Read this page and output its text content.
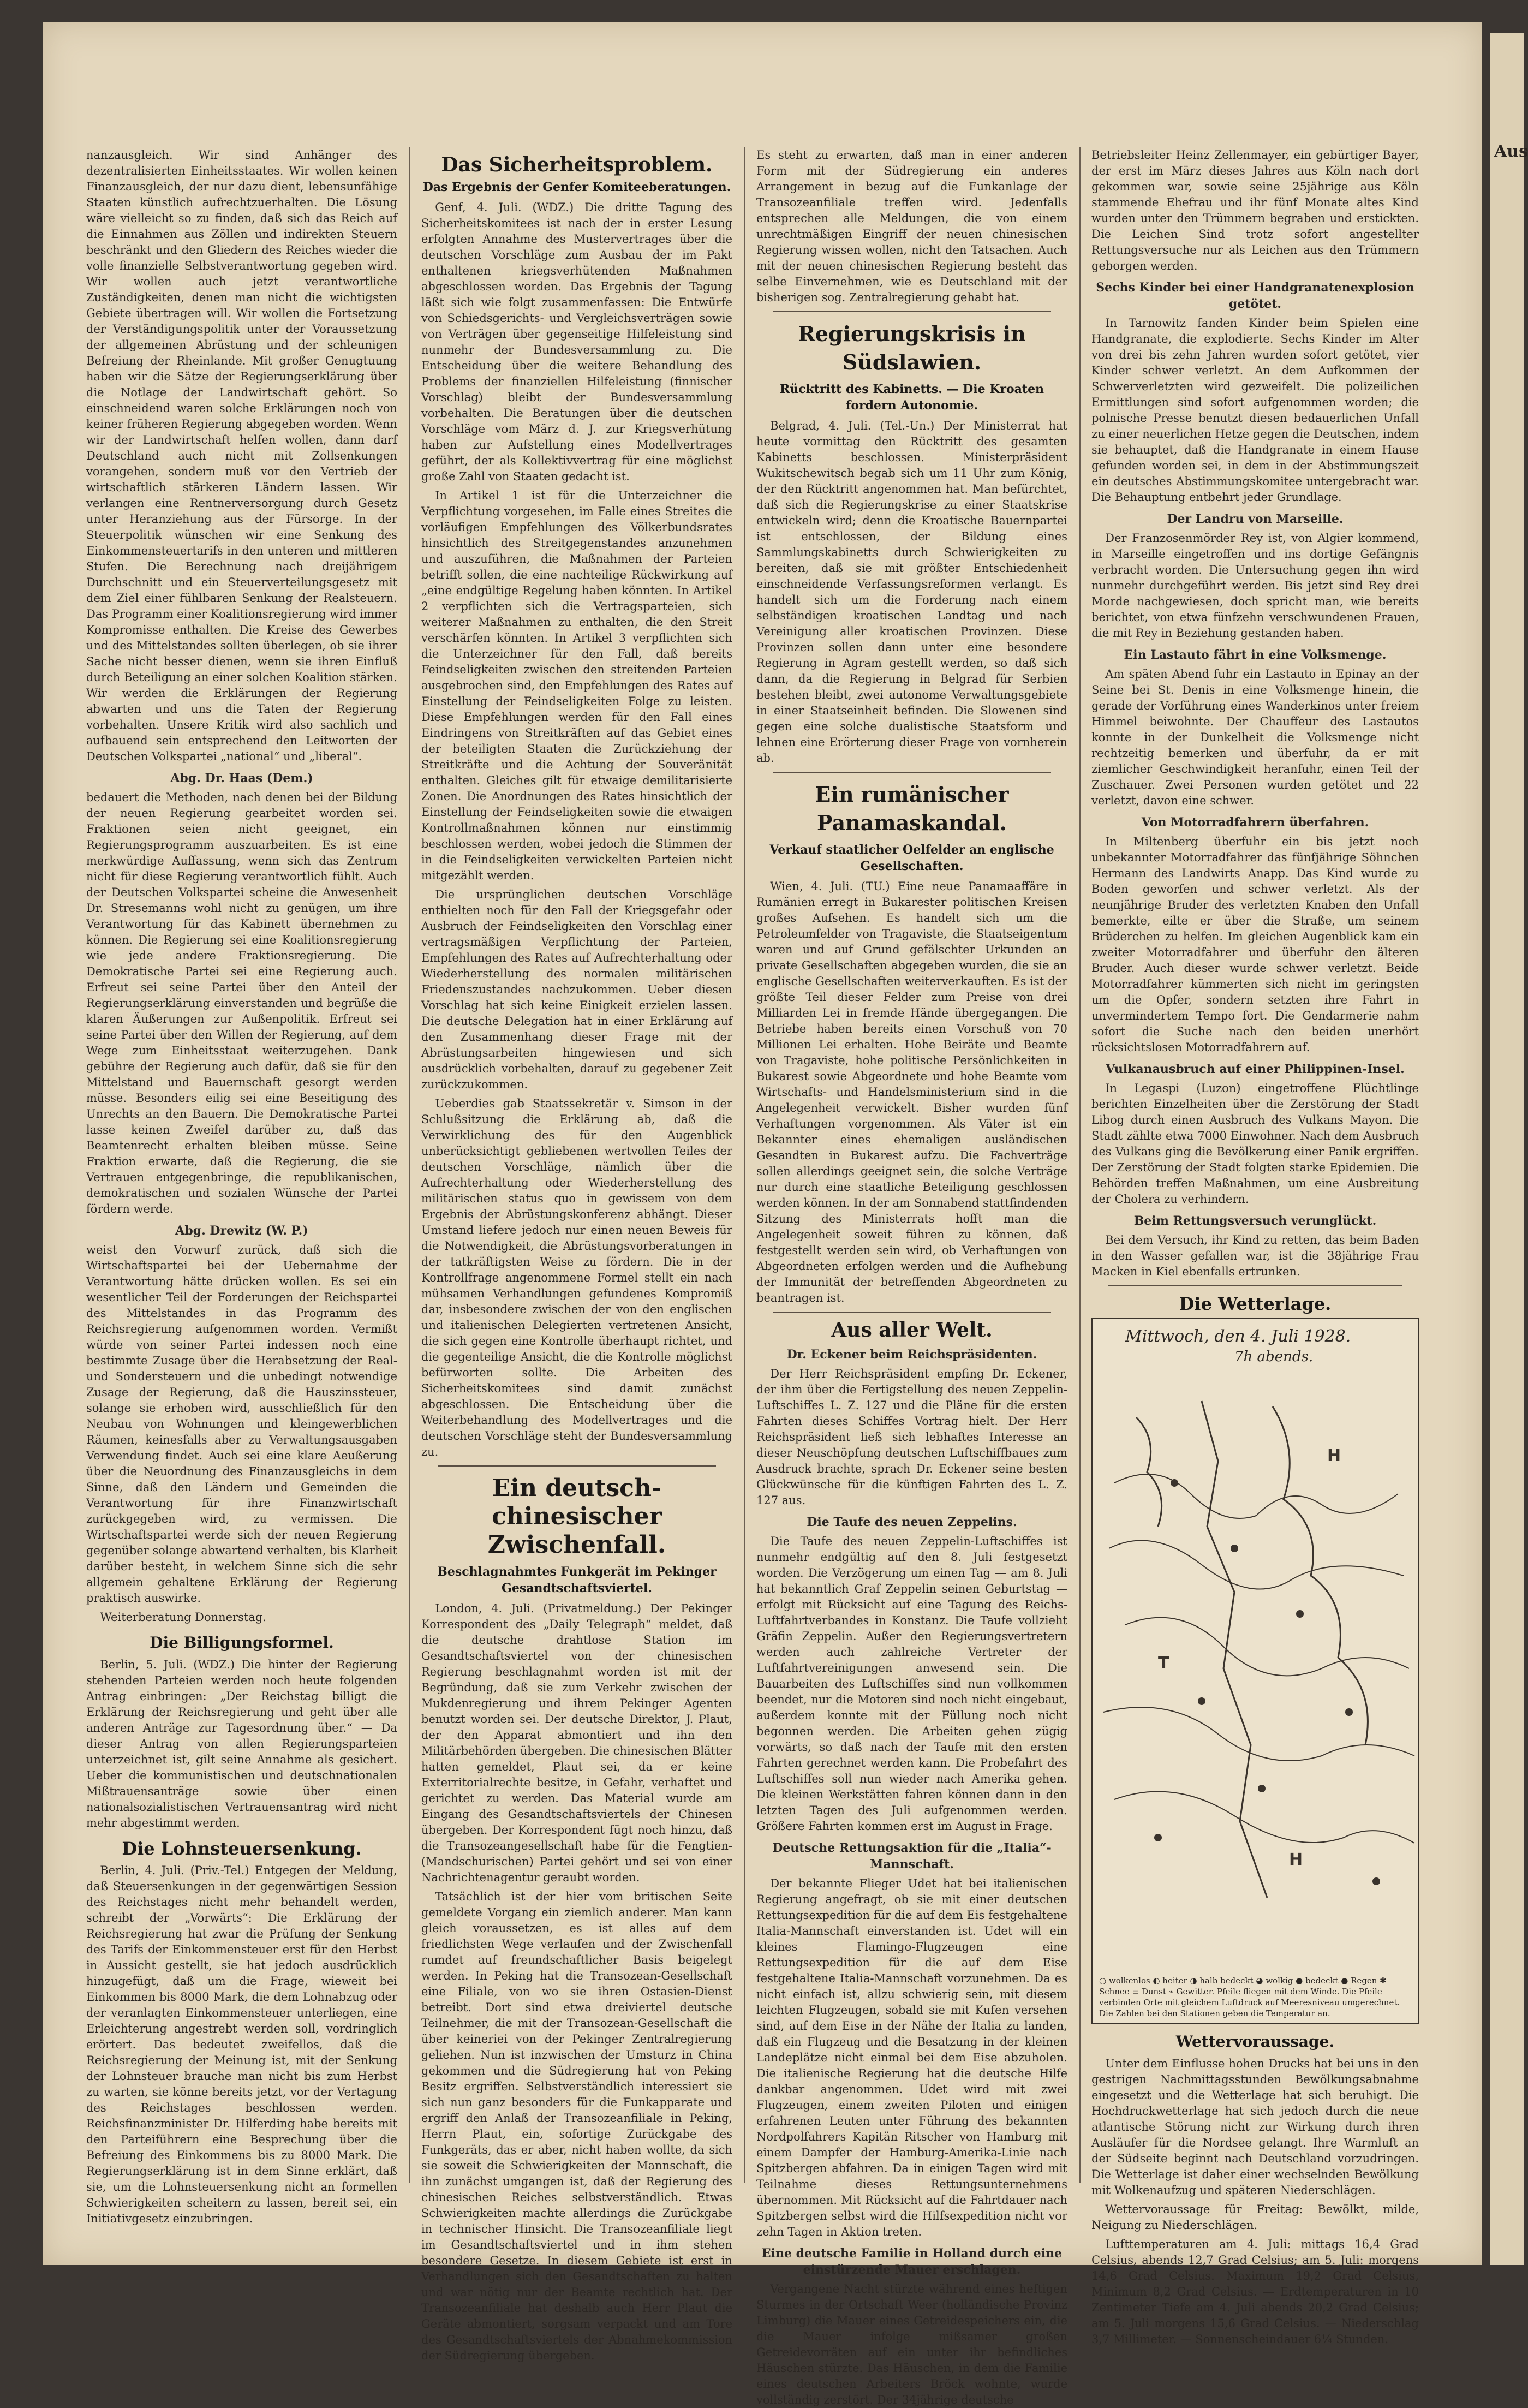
nanzausgleich. Wir sind Anhänger des dezentralisierten Einheitsstaates. Wir wollen keinen Finanzausgleich, der nur dazu dient, lebensunfähige Staaten künstlich aufrechtzuerhalten. Die Lösung wäre vielleicht so zu finden, daß sich das Reich auf die Einnahmen aus Zöllen und indirekten Steuern beschränkt und den Gliedern des Reiches wieder die volle finanzielle Selbstverantwortung gegeben wird. Wir wollen auch jetzt verantwortliche Zuständigkeiten, denen man nicht die wichtigsten Gebiete übertragen will. Wir wollen die Fortsetzung der Verständigungspolitik unter der Voraussetzung der allgemeinen Abrüstung und der schleunigen Befreiung der Rheinlande. Mit großer Genugtuung haben wir die Sätze der Regierungserklärung über die Notlage der Landwirtschaft gehört. So einschneidend waren solche Erklärungen noch von keiner früheren Regierung abgegeben worden. Wenn wir der Landwirtschaft helfen wollen, dann darf Deutschland auch nicht mit Zollsenkungen vorangehen, sondern muß vor den Vertrieb der wirtschaftlich stärkeren Ländern lassen. Wir verlangen eine Rentnerversorgung durch Gesetz unter Heranziehung aus der Fürsorge. In der Steuerpolitik wünschen wir eine Senkung des Einkommensteuertarifs in den unteren und mittleren Stufen. Die Berechnung nach dreijährigem Durchschnitt und ein Steuerverteilungsgesetz mit dem Ziel einer fühlbaren Senkung der Realsteuern. Das Programm einer Koalitionsregierung wird immer Kompromisse enthalten. Die Kreise des Gewerbes und des Mittelstandes sollten überlegen, ob sie ihrer Sache nicht besser dienen, wenn sie ihren Einfluß durch Beteiligung an einer solchen Koalition stärken. Wir werden die Erklärungen der Regierung abwarten und uns die Taten der Regierung vorbehalten. Unsere Kritik wird also sachlich und aufbauend sein entsprechend den Leitworten der Deutschen Volkspartei „national“ und „liberal“.

Abg. Dr. Haas (Dem.)

bedauert die Methoden, nach denen bei der Bildung der neuen Regierung gearbeitet worden sei. Fraktionen seien nicht geeignet, ein Regierungsprogramm auszuarbeiten. Es ist eine merkwürdige Auffassung, wenn sich das Zentrum nicht für diese Regierung verantwortlich fühlt. Auch der Deutschen Volkspartei scheine die Anwesenheit Dr. Stresemanns wohl nicht zu genügen, um ihre Verantwortung für das Kabinett übernehmen zu können. Die Regierung sei eine Koalitionsregierung wie jede andere Fraktionsregierung. Die Demokratische Partei sei eine Regierung auch. Erfreut sei seine Partei über den Anteil der Regierungserklärung einverstanden und begrüße die klaren Äußerungen zur Außenpolitik. Erfreut sei seine Partei über den Willen der Regierung, auf dem Wege zum Einheitsstaat weiterzugehen. Dank gebühre der Regierung auch dafür, daß sie für den Mittelstand und Bauernschaft gesorgt werden müsse. Besonders eilig sei eine Beseitigung des Unrechts an den Bauern. Die Demokratische Partei lasse keinen Zweifel darüber zu, daß das Beamtenrecht erhalten bleiben müsse. Seine Fraktion erwarte, daß die Regierung, die sie Vertrauen entgegenbringe, die republikanischen, demokratischen und sozialen Wünsche der Partei fördern werde.

Abg. Drewitz (W. P.)

weist den Vorwurf zurück, daß sich die Wirtschaftspartei bei der Uebernahme der Verantwortung hätte drücken wollen. Es sei ein wesentlicher Teil der Forderungen der Reichspartei des Mittelstandes in das Programm des Reichsregierung aufgenommen worden. Vermißt würde von seiner Partei indessen noch eine bestimmte Zusage über die Herabsetzung der Real- und Sondersteuern und die unbedingt notwendige Zusage der Regierung, daß die Hauszinssteuer, solange sie erhoben wird, ausschließlich für den Neubau von Wohnungen und kleingewerblichen Räumen, keinesfalls aber zu Verwaltungsausgaben Verwendung findet. Auch sei eine klare Aeußerung über die Neuordnung des Finanzausgleichs in dem Sinne, daß den Ländern und Gemeinden die Verantwortung für ihre Finanzwirtschaft zurückgegeben wird, zu vermissen. Die Wirtschaftspartei werde sich der neuen Regierung gegenüber solange abwartend verhalten, bis Klarheit darüber besteht, in welchem Sinne sich die sehr allgemein gehaltene Erklärung der Regierung praktisch auswirke.

Weiterberatung Donnerstag.

Die Billigungsformel.

Berlin, 5. Juli. (WDZ.) Die hinter der Regierung stehenden Parteien werden noch heute folgenden Antrag einbringen: „Der Reichstag billigt die Erklärung der Reichsregierung und geht über alle anderen Anträge zur Tagesordnung über.“ — Da dieser Antrag von allen Regierungsparteien unterzeichnet ist, gilt seine Annahme als gesichert. Ueber die kommunistischen und deutschnationalen Mißtrauensanträge sowie über einen nationalsozialistischen Vertrauensantrag wird nicht mehr abgestimmt werden.

Die Lohnsteuersenkung.

Berlin, 4. Juli. (Priv.-Tel.) Entgegen der Meldung, daß Steuersenkungen in der gegenwärtigen Session des Reichstages nicht mehr behandelt werden, schreibt der „Vorwärts“: Die Erklärung der Reichsregierung hat zwar die Prüfung der Senkung des Tarifs der Einkommensteuer erst für den Herbst in Aussicht gestellt, sie hat jedoch ausdrücklich hinzugefügt, daß um die Frage, wieweit bei Einkommen bis 8000 Mark, die dem Lohnabzug oder der veranlagten Einkommensteuer unterliegen, eine Erleichterung angestrebt werden soll, vordringlich erörtert. Das bedeutet zweifellos, daß die Reichsregierung der Meinung ist, mit der Senkung der Lohnsteuer brauche man nicht bis zum Herbst zu warten, sie könne bereits jetzt, vor der Vertagung des Reichstages beschlossen werden. Reichsfinanzminister Dr. Hilferding habe bereits mit den Parteiführern eine Besprechung über die Befreiung des Einkommens bis zu 8000 Mark. Die Regierungserklärung ist in dem Sinne erklärt, daß sie, um die Lohnsteuersenkung nicht an formellen Schwierigkeiten scheitern zu lassen, bereit sei, ein Initiativgesetz einzubringen.

Das Sicherheitsproblem.
Das Ergebnis der Genfer Komiteeberatungen.

Genf, 4. Juli. (WDZ.) Die dritte Tagung des Sicherheitskomitees ist nach der in erster Lesung erfolgten Annahme des Mustervertrages über die deutschen Vorschläge zum Ausbau der im Pakt enthaltenen kriegsverhütenden Maßnahmen abgeschlossen worden. Das Ergebnis der Tagung läßt sich wie folgt zusammenfassen: Die Entwürfe von Schiedsgerichts- und Vergleichsverträgen sowie von Verträgen über gegenseitige Hilfeleistung sind nunmehr der Bundesversammlung zu. Die Entscheidung über die weitere Behandlung des Problems der finanziellen Hilfeleistung (finnischer Vorschlag) bleibt der Bundesversammlung vorbehalten. Die Beratungen über die deutschen Vorschläge vom März d. J. zur Kriegsverhütung haben zur Aufstellung eines Modellvertrages geführt, der als Kollektivvertrag für eine möglichst große Zahl von Staaten gedacht ist.

In Artikel 1 ist für die Unterzeichner die Verpflichtung vorgesehen, im Falle eines Streites die vorläufigen Empfehlungen des Völkerbundsrates hinsichtlich des Streitgegenstandes anzunehmen und auszuführen, die Maßnahmen der Parteien betrifft sollen, die eine nachteilige Rückwirkung auf „eine endgültige Regelung haben könnten. In Artikel 2 verpflichten sich die Vertragsparteien, sich weiterer Maßnahmen zu enthalten, die den Streit verschärfen könnten. In Artikel 3 verpflichten sich die Unterzeichner für den Fall, daß bereits Feindseligkeiten zwischen den streitenden Parteien ausgebrochen sind, den Empfehlungen des Rates auf Einstellung der Feindseligkeiten Folge zu leisten. Diese Empfehlungen werden für den Fall eines Eindringens von Streitkräften auf das Gebiet eines der beteiligten Staaten die Zurückziehung der Streitkräfte und die Achtung der Souveränität enthalten. Gleiches gilt für etwaige demilitarisierte Zonen. Die Anordnungen des Rates hinsichtlich der Einstellung der Feindseligkeiten sowie die etwaigen Kontrollmaßnahmen können nur einstimmig beschlossen werden, wobei jedoch die Stimmen der in die Feindseligkeiten verwickelten Parteien nicht mitgezählt werden.

Die ursprünglichen deutschen Vorschläge enthielten noch für den Fall der Kriegsgefahr oder Ausbruch der Feindseligkeiten den Vorschlag einer vertragsmäßigen Verpflichtung der Parteien, Empfehlungen des Rates auf Aufrechterhaltung oder Wiederherstellung des normalen militärischen Friedenszustandes nachzukommen. Ueber diesen Vorschlag hat sich keine Einigkeit erzielen lassen. Die deutsche Delegation hat in einer Erklärung auf den Zusammenhang dieser Frage mit der Abrüstungsarbeiten hingewiesen und sich ausdrücklich vorbehalten, darauf zu gegebener Zeit zurückzukommen.

Ueberdies gab Staatssekretär v. Simson in der Schlußsitzung die Erklärung ab, daß die Verwirklichung des für den Augenblick unberücksichtigt gebliebenen wertvollen Teiles der deutschen Vorschläge, nämlich über die Aufrechterhaltung oder Wiederherstellung des militärischen status quo in gewissem von dem Ergebnis der Abrüstungskonferenz abhängt. Dieser Umstand liefere jedoch nur einen neuen Beweis für die Notwendigkeit, die Abrüstungsvorberatungen in der tatkräftigsten Weise zu fördern. Die in der Kontrollfrage angenommene Formel stellt ein nach mühsamen Verhandlungen gefundenes Kompromiß dar, insbesondere zwischen der von den englischen und italienischen Delegierten vertretenen Ansicht, die sich gegen eine Kontrolle überhaupt richtet, und die gegenteilige Ansicht, die die Kontrolle möglichst befürworten sollte. Die Arbeiten des Sicherheitskomitees sind damit zunächst abgeschlossen. Die Entscheidung über die Weiterbehandlung des Modellvertrages und die deutschen Vorschläge steht der Bundesversammlung zu.

Ein deutsch-chinesischer Zwischenfall.
Beschlagnahmtes Funkgerät im Pekinger Gesandtschaftsviertel.

London, 4. Juli. (Privatmeldung.) Der Pekinger Korrespondent des „Daily Telegraph“ meldet, daß die deutsche drahtlose Station im Gesandtschaftsviertel von der chinesischen Regierung beschlagnahmt worden ist mit der Begründung, daß sie zum Verkehr zwischen der Mukdenregierung und ihrem Pekinger Agenten benutzt worden sei. Der deutsche Direktor, J. Plaut, der den Apparat abmontiert und ihn den Militärbehörden übergeben. Die chinesischen Blätter hatten gemeldet, Plaut sei, da er keine Exterritorialrechte besitze, in Gefahr, verhaftet und gerichtet zu werden. Das Material wurde am Eingang des Gesandtschaftsviertels der Chinesen übergeben. Der Korrespondent fügt noch hinzu, daß die Transozeangesellschaft habe für die Fengtien- (Mandschurischen) Partei gehört und sei von einer Nachrichtenagentur geraubt worden.

Tatsächlich ist der hier vom britischen Seite gemeldete Vorgang ein ziemlich anderer. Man kann gleich voraussetzen, es ist alles auf dem friedlichsten Wege verlaufen und der Zwischenfall rumdet auf freundschaftlicher Basis beigelegt werden. In Peking hat die Transozean-Gesellschaft eine Filiale, von wo sie ihren Ostasien-Dienst betreibt. Dort sind etwa dreiviertel deutsche Teilnehmer, die mit der Transozean-Gesellschaft die über keineriei von der Pekinger Zentralregierung geliehen. Nun ist inzwischen der Umsturz in China gekommen und die Südregierung hat von Peking Besitz ergriffen. Selbstverständlich interessiert sie sich nun ganz besonders für die Funkapparate und ergriff den Anlaß der Transozeanfiliale in Peking, Herrn Plaut, ein, sofortige Zurückgabe des Funkgeräts, das er aber, nicht haben wollte, da sich sie soweit die Schwierigkeiten der Mannschaft, die ihn zunächst umgangen ist, daß der Regierung des chinesischen Reiches selbstverständlich. Etwas Schwierigkeiten machte allerdings die Zurückgabe in technischer Hinsicht. Die Transozeanfiliale liegt im Gesandtschaftsviertel und in ihm stehen besondere Gesetze. In diesem Gebiete ist erst in Verhandlungen sich den Gesandtschaften zu halten und war nötig nur der Beamte rechtlich hat. Der Transozeanfiliale hat deshalb auch Herr Plaut die Geräte abmontiert, sorgsam verpackt und am Tore des Gesandtschaftsviertels der Abnahmekommission der Südregierung übergeben.

Es steht zu erwarten, daß man in einer anderen Form mit der Südregierung ein anderes Arrangement in bezug auf die Funkanlage der Transozeanfiliale treffen wird. Jedenfalls entsprechen alle Meldungen, die von einem unrechtmäßigen Eingriff der neuen chinesischen Regierung wissen wollen, nicht den Tatsachen. Auch mit der neuen chinesischen Regierung besteht das selbe Einvernehmen, wie es Deutschland mit der bisherigen sog. Zentralregierung gehabt hat.

Regierungskrisis in Südslawien.
Rücktritt des Kabinetts. — Die Kroaten fordern Autonomie.

Belgrad, 4. Juli. (Tel.-Un.) Der Ministerrat hat heute vormittag den Rücktritt des gesamten Kabinetts beschlossen. Ministerpräsident Wukitschewitsch begab sich um 11 Uhr zum König, der den Rücktritt angenommen hat. Man befürchtet, daß sich die Regierungskrise zu einer Staatskrise entwickeln wird; denn die Kroatische Bauernpartei ist entschlossen, der Bildung eines Sammlungskabinetts durch Schwierigkeiten zu bereiten, daß sie mit größter Entschiedenheit einschneidende Verfassungsreformen verlangt. Es handelt sich um die Forderung nach einem selbständigen kroatischen Landtag und nach Vereinigung aller kroatischen Provinzen. Diese Provinzen sollen dann unter eine besondere Regierung in Agram gestellt werden, so daß sich dann, da die Regierung in Belgrad für Serbien bestehen bleibt, zwei autonome Verwaltungsgebiete in einer Staatseinheit befinden. Die Slowenen sind gegen eine solche dualistische Staatsform und lehnen eine Erörterung dieser Frage von vornherein ab.

Ein rumänischer Panamaskandal.
Verkauf staatlicher Oelfelder an englische Gesellschaften.

Wien, 4. Juli. (TU.) Eine neue Panamaaffäre in Rumänien erregt in Bukarester politischen Kreisen großes Aufsehen. Es handelt sich um die Petroleumfelder von Tragaviste, die Staatseigentum waren und auf Grund gefälschter Urkunden an private Gesellschaften abgegeben wurden, die sie an englische Gesellschaften weiterverkauften. Es ist der größte Teil dieser Felder zum Preise von drei Milliarden Lei in fremde Hände übergegangen. Die Betriebe haben bereits einen Vorschuß von 70 Millionen Lei erhalten. Hohe Beiräte und Beamte von Tragaviste, hohe politische Persönlichkeiten in Bukarest sowie Abgeordnete und hohe Beamte vom Wirtschafts- und Handelsministerium sind in die Angelegenheit verwickelt. Bisher wurden fünf Verhaftungen vorgenommen. Als Väter ist ein Bekannter eines ehemaligen ausländischen Gesandten in Bukarest aufzu. Die Fachverträge sollen allerdings geeignet sein, die solche Verträge nur durch eine staatliche Beteiligung geschlossen werden können. In der am Sonnabend stattfindenden Sitzung des Ministerrats hofft man die Angelegenheit soweit führen zu können, daß festgestellt werden sein wird, ob Verhaftungen von Abgeordneten erfolgen werden und die Aufhebung der Immunität der betreffenden Abgeordneten zu beantragen ist.

Aus aller Welt.
Dr. Eckener beim Reichspräsidenten.

Der Herr Reichspräsident empfing Dr. Eckener, der ihm über die Fertigstellung des neuen Zeppelin-Luftschiffes L. Z. 127 und die Pläne für die ersten Fahrten dieses Schiffes Vortrag hielt. Der Herr Reichspräsident ließ sich lebhaftes Interesse an dieser Neuschöpfung deutschen Luftschiffbaues zum Ausdruck brachte, sprach Dr. Eckener seine besten Glückwünsche für die künftigen Fahrten des L. Z. 127 aus.

Die Taufe des neuen Zeppelins.

Die Taufe des neuen Zeppelin-Luftschiffes ist nunmehr endgültig auf den 8. Juli festgesetzt worden. Die Verzögerung um einen Tag — am 8. Juli hat bekanntlich Graf Zeppelin seinen Geburtstag — erfolgt mit Rücksicht auf eine Tagung des Reichs-Luftfahrtverbandes in Konstanz. Die Taufe vollzieht Gräfin Zeppelin. Außer den Regierungsvertretern werden auch zahlreiche Vertreter der Luftfahrtvereinigungen anwesend sein. Die Bauarbeiten des Luftschiffes sind nun vollkommen beendet, nur die Motoren sind noch nicht eingebaut, außerdem konnte mit der Füllung noch nicht begonnen werden. Die Arbeiten gehen zügig vorwärts, so daß nach der Taufe mit den ersten Fahrten gerechnet werden kann. Die Probefahrt des Luftschiffes soll nun wieder nach Amerika gehen. Die kleinen Werkstätten fahren können dann in den letzten Tagen des Juli aufgenommen werden. Größere Fahrten kommen erst im August in Frage.

Deutsche Rettungsaktion für die „Italia“-Mannschaft.

Der bekannte Flieger Udet hat bei italienischen Regierung angefragt, ob sie mit einer deutschen Rettungsexpedition für die auf dem Eis festgehaltene Italia-Mannschaft einverstanden ist. Udet will ein kleines Flamingo-Flugzeugen eine Rettungsexpedition für die auf dem Eise festgehaltene Italia-Mannschaft vorzunehmen. Da es nicht einfach ist, allzu schwierig sein, mit diesem leichten Flugzeugen, sobald sie mit Kufen versehen sind, auf dem Eise in der Nähe der Italia zu landen, daß ein Flugzeug und die Besatzung in der kleinen Landeplätze nicht einmal bei dem Eise abzuholen. Die italienische Regierung hat die deutsche Hilfe dankbar angenommen. Udet wird mit zwei Flugzeugen, einem zweiten Piloten und einigen erfahrenen Leuten unter Führung des bekannten Nordpolfahrers Kapitän Ritscher von Hamburg mit einem Dampfer der Hamburg-Amerika-Linie nach Spitzbergen abfahren. Da in einigen Tagen wird mit Teilnahme dieses Rettungsunternehmens übernommen. Mit Rücksicht auf die Fahrtdauer nach Spitzbergen selbst wird die Hilfsexpedition nicht vor zehn Tagen in Aktion treten.

Eine deutsche Familie in Holland durch eine einstürzende Mauer erschlagen.

Vergangene Nacht stürzte während eines heftigen Sturmes in der Ortschaft Weer (holländische Provinz Limburg) die Mauer eines Getreidespeichers ein, die die Mauer infolge mißsamer großen Getreidevorräten auf ein unter ihr befindliches Häuschen stürzte. Das Häuschen, in dem die Familie eines deutschen Arbeiters Bröck wohnte, wurde vollständig zerstört. Der 34jährige deutsche

Betriebsleiter Heinz Zellenmayer, ein gebürtiger Bayer, der erst im März dieses Jahres aus Köln nach dort gekommen war, sowie seine 25jährige aus Köln stammende Ehefrau und ihr fünf Monate altes Kind wurden unter den Trümmern begraben und erstickten. Die Leichen Sind trotz sofort angestellter Rettungsversuche nur als Leichen aus den Trümmern geborgen werden.

Sechs Kinder bei einer Handgranatenexplosion getötet.

In Tarnowitz fanden Kinder beim Spielen eine Handgranate, die explodierte. Sechs Kinder im Alter von drei bis zehn Jahren wurden sofort getötet, vier Kinder schwer verletzt. An dem Aufkommen der Schwerverletzten wird gezweifelt. Die polizeilichen Ermittlungen sind sofort aufgenommen worden; die polnische Presse benutzt diesen bedauerlichen Unfall zu einer neuerlichen Hetze gegen die Deutschen, indem sie behauptet, daß die Handgranate in einem Hause gefunden worden sei, in dem in der Abstimmungszeit ein deutsches Abstimmungskomitee untergebracht war. Die Behauptung entbehrt jeder Grundlage.

Der Landru von Marseille.

Der Franzosenmörder Rey ist, von Algier kommend, in Marseille eingetroffen und ins dortige Gefängnis verbracht worden. Die Untersuchung gegen ihn wird nunmehr durchgeführt werden. Bis jetzt sind Rey drei Morde nachgewiesen, doch spricht man, wie bereits berichtet, von etwa fünfzehn verschwundenen Frauen, die mit Rey in Beziehung gestanden haben.

Ein Lastauto fährt in eine Volksmenge.

Am späten Abend fuhr ein Lastauto in Epinay an der Seine bei St. Denis in eine Volksmenge hinein, die gerade der Vorführung eines Wanderkinos unter freiem Himmel beiwohnte. Der Chauffeur des Lastautos konnte in der Dunkelheit die Volksmenge nicht rechtzeitig bemerken und überfuhr, da er mit ziemlicher Geschwindigkeit heranfuhr, einen Teil der Zuschauer. Zwei Personen wurden getötet und 22 verletzt, davon eine schwer.

Von Motorradfahrern überfahren.

In Miltenberg überfuhr ein bis jetzt noch unbekannter Motorradfahrer das fünfjährige Söhnchen Hermann des Landwirts Anapp. Das Kind wurde zu Boden geworfen und schwer verletzt. Als der neunjährige Bruder des verletzten Knaben den Unfall bemerkte, eilte er über die Straße, um seinem Brüderchen zu helfen. Im gleichen Augenblick kam ein zweiter Motorradfahrer und überfuhr den älteren Bruder. Auch dieser wurde schwer verletzt. Beide Motorradfahrer kümmerten sich nicht im geringsten um die Opfer, sondern setzten ihre Fahrt in unvermindertem Tempo fort. Die Gendarmerie nahm sofort die Suche nach den beiden unerhört rücksichtslosen Motorradfahrern auf.

Vulkanausbruch auf einer Philippinen-Insel.

In Legaspi (Luzon) eingetroffene Flüchtlinge berichten Einzelheiten über die Zerstörung der Stadt Libog durch einen Ausbruch des Vulkans Mayon. Die Stadt zählte etwa 7000 Einwohner. Nach dem Ausbruch des Vulkans ging die Bevölkerung einer Panik ergriffen. Der Zerstörung der Stadt folgten starke Epidemien. Die Behörden treffen Maßnahmen, um eine Ausbreitung der Cholera zu verhindern.

Beim Rettungsversuch verunglückt.

Bei dem Versuch, ihr Kind zu retten, das beim Baden in den Wasser gefallen war, ist die 38jährige Frau Macken in Kiel ebenfalls ertrunken.

Die Wetterlage.
H
T
H
Mittwoch, den 4. Juli 1928.
7h abends.
○ wolkenlos ◐ heiter ◑ halb bedeckt ◕ wolkig ● bedeckt ● Regen ✱ Schnee ≡ Dunst ⌁ Gewitter. Pfeile fliegen mit dem Winde. Die Pfeile verbinden Orte mit gleichem Luftdruck auf Meeresniveau umgerechnet. Die Zahlen bei den Stationen geben die Temperatur an.
Wettervoraussage.

Unter dem Einflusse hohen Drucks hat bei uns in den gestrigen Nachmittagsstunden Bewölkungsabnahme eingesetzt und die Wetterlage hat sich beruhigt. Die Hochdruckwetterlage hat sich jedoch durch die neue atlantische Störung nicht zur Wirkung durch ihren Ausläufer für die Nordsee gelangt. Ihre Warmluft an der Südseite beginnt nach Deutschland vorzudringen. Die Wetterlage ist daher einer wechselnden Bewölkung mit Wolkenaufzug und späteren Niederschlägen.

Wettervoraussage für Freitag: Bewölkt, milde, Neigung zu Niederschlägen.

Lufttemperaturen am 4. Juli: mittags 16,4 Grad Celsius, abends 12,7 Grad Celsius; am 5. Juli: morgens 14,6 Grad Celsius. Maximum 19,2 Grad Celsius, Minimum 8,2 Grad Celsius. — Erdtemperaturen in 10 Zentimeter Tiefe am 4. Juli abends 20,2 Grad Celsius; am 5. Juli morgens 15,6 Grad Celsius. — Niederschlag 3,7 Millimeter. — Sonnenscheindauer 6¼ Stunden.

Aus
